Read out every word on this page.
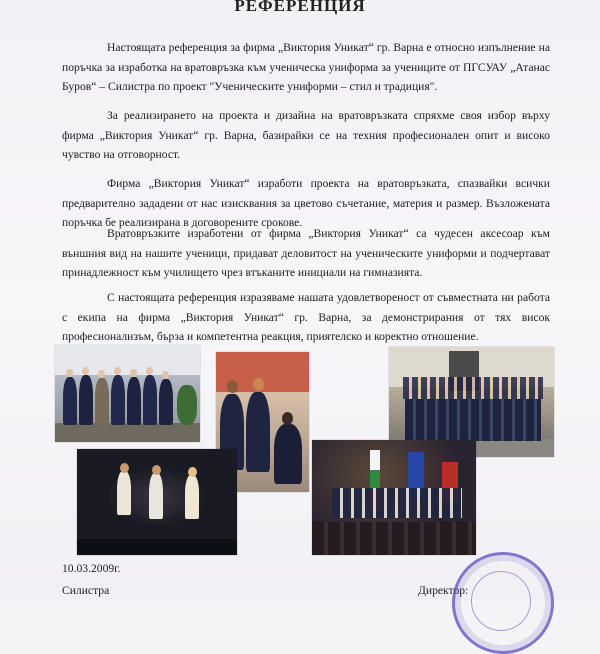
РЕФЕРЕНЦИЯ
Настоящата референция за фирма „Виктория Уникат“ гр. Варна е относно изпълнение на поръчка за изработка на вратовръзка към ученическа униформа за учениците от ПГСУАУ „Атанас Буров“ – Силистра по проект "Ученическите униформи – стил и традиция".
За реализирането на проекта и дизайна на вратовръзката спряхме своя избор върху фирма „Виктория Уникат“ гр. Варна, базирайки се на техния професионален опит и високо чувство на отговорност.
Фирма „Виктория Уникат“ изработи проекта на вратовръзката, спазвайки всички предварително зададени от нас изисквания за цветово съчетание, материя и размер. Възложената поръчка бе реализирана в договорените срокове.
Вратовръзките изработени от фирма „Виктория Уникат“ са чудесен аксесоар към външния вид на нашите ученици, придават деловитост на ученическите униформи и подчертават принадлежност към училището чрез втъканите инициали на гимназията.
С настоящата референция изразяваме нашата удовлетвореност от съвместната ни работа с екипа на фирма „Виктория Уникат“ гр. Варна, за демонстрирания от тях висок професионализъм, бърза и компетентна реакция, приятелско и коректно отношение.
10.03.2009г.
Силистра	Директор:
